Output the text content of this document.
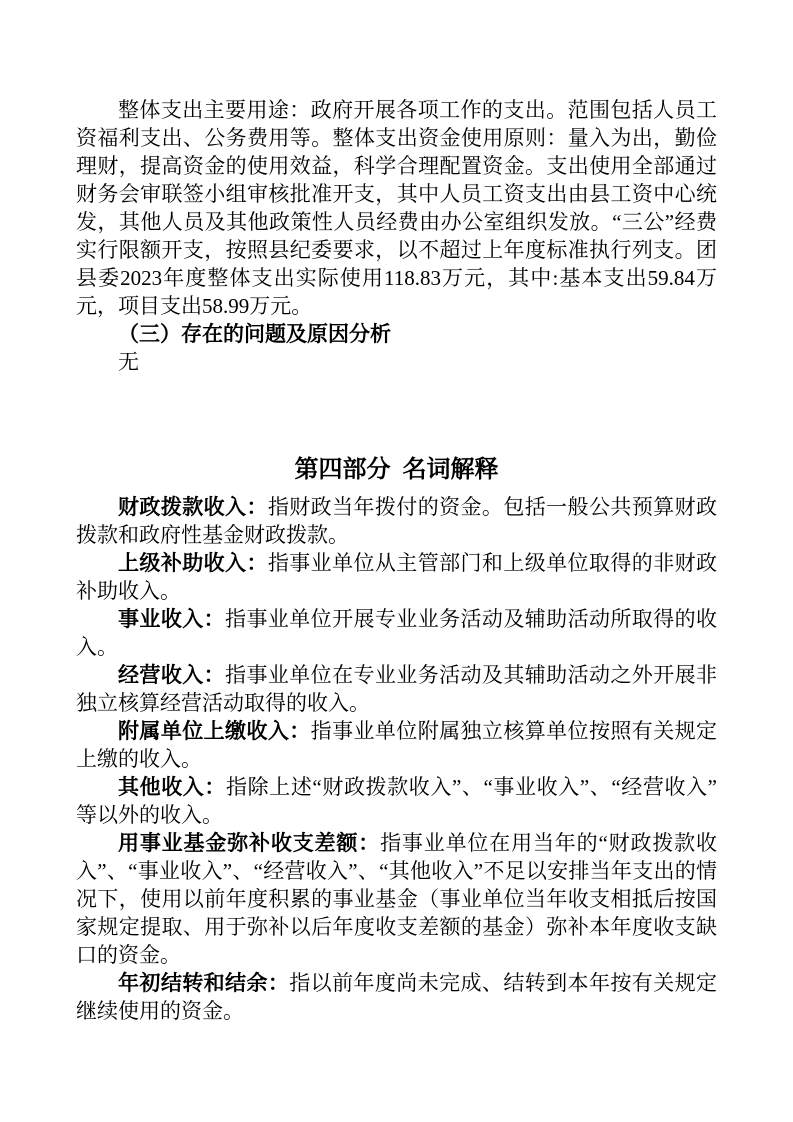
整体支出主要用途：政府开展各项工作的支出。范围包括人员工资福利支出、公务费用等。整体支出资金使用原则：量入为出，勤俭理财，提高资金的使用效益，科学合理配置资金。支出使用全部通过财务会审联签小组审核批准开支，其中人员工资支出由县工资中心统发，其他人员及其他政策性人员经费由办公室组织发放。“三公”经费实行限额开支，按照县纪委要求，以不超过上年度标准执行列支。团县委2023年度整体支出实际使用118.83万元，其中:基本支出59.84万元，项目支出58.99万元。

（三）存在的问题及原因分析

无

第四部分 名词解释

财政拨款收入：指财政当年拨付的资金。包括一般公共预算财政拨款和政府性基金财政拨款。

上级补助收入：指事业单位从主管部门和上级单位取得的非财政补助收入。

事业收入：指事业单位开展专业业务活动及辅助活动所取得的收入。

经营收入：指事业单位在专业业务活动及其辅助活动之外开展非独立核算经营活动取得的收入。

附属单位上缴收入：指事业单位附属独立核算单位按照有关规定上缴的收入。

其他收入：指除上述“财政拨款收入”、“事业收入”、“经营收入”等以外的收入。

用事业基金弥补收支差额：指事业单位在用当年的“财政拨款收入”、“事业收入”、“经营收入”、“其他收入”不足以安排当年支出的情况下，使用以前年度积累的事业基金（事业单位当年收支相抵后按国家规定提取、用于弥补以后年度收支差额的基金）弥补本年度收支缺口的资金。

年初结转和结余：指以前年度尚未完成、结转到本年按有关规定继续使用的资金。
